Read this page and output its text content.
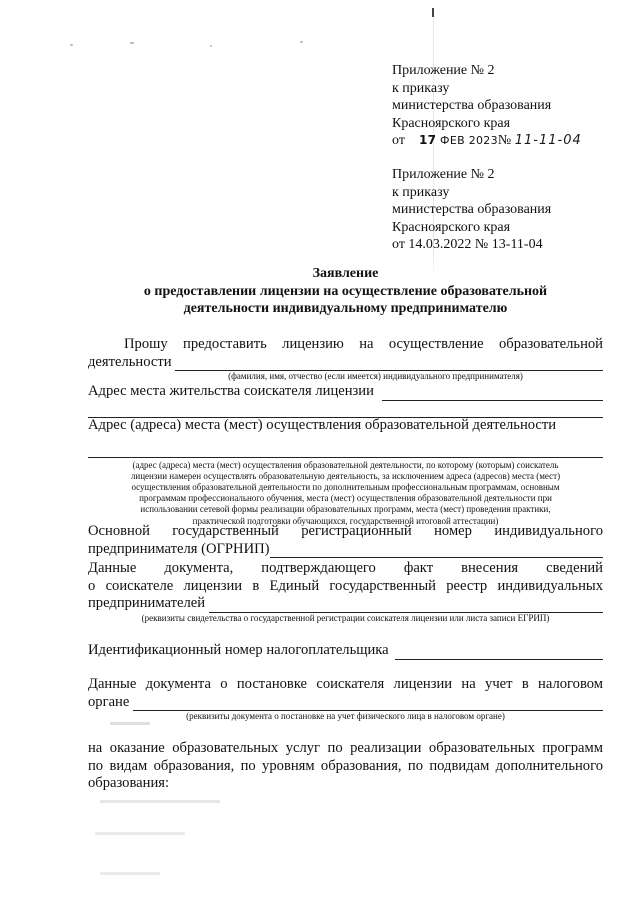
Приложение № 2
к приказу
министерства образования
Красноярского края
от 17 ФЕВ 2023№ 11-11-04
Приложение № 2
к приказу
министерства образования
Красноярского края
от 14.03.2022 № 13-11-04
Заявление
о предоставлении лицензии на осуществление образовательной
деятельности индивидуальному предпринимателю
Прошу предоставить лицензию на осуществление образовательной
деятельности
(фамилия, имя, отчество (если имеется) индивидуального предпринимателя)
Адрес места жительства соискателя лицензии
Адрес (адреса) места (мест) осуществления образовательной деятельности
(адрес (адреса) места (мест) осуществления образовательной деятельности, по которому (которым) соискатель
лицензии намерен осуществлять образовательную деятельность, за исключением адреса (адресов) места (мест)
осуществления образовательной деятельности по дополнительным профессиональным программам, основным
программам профессионального обучения, места (мест) осуществления образовательной деятельности при
использовании сетевой формы реализации образовательных программ, места (мест) проведения практики,
практической подготовки обучающихся, государственной итоговой аттестации)
Основной государственный регистрационный номер индивидуального
предпринимателя (ОГРНИП)
Данные документа, подтверждающего факт внесения сведений
о соискателе лицензии в Единый государственный реестр индивидуальных
предпринимателей
(реквизиты свидетельства о государственной регистрации соискателя лицензии или листа записи ЕГРИП)
Идентификационный номер налогоплательщика
Данные документа о постановке соискателя лицензии на учет в налоговом
органе
(реквизиты документа о постановке на учет физического лица в налоговом органе)
на оказание образовательных услуг по реализации образовательных программ
по видам образования, по уровням образования, по подвидам дополнительного
образования:
